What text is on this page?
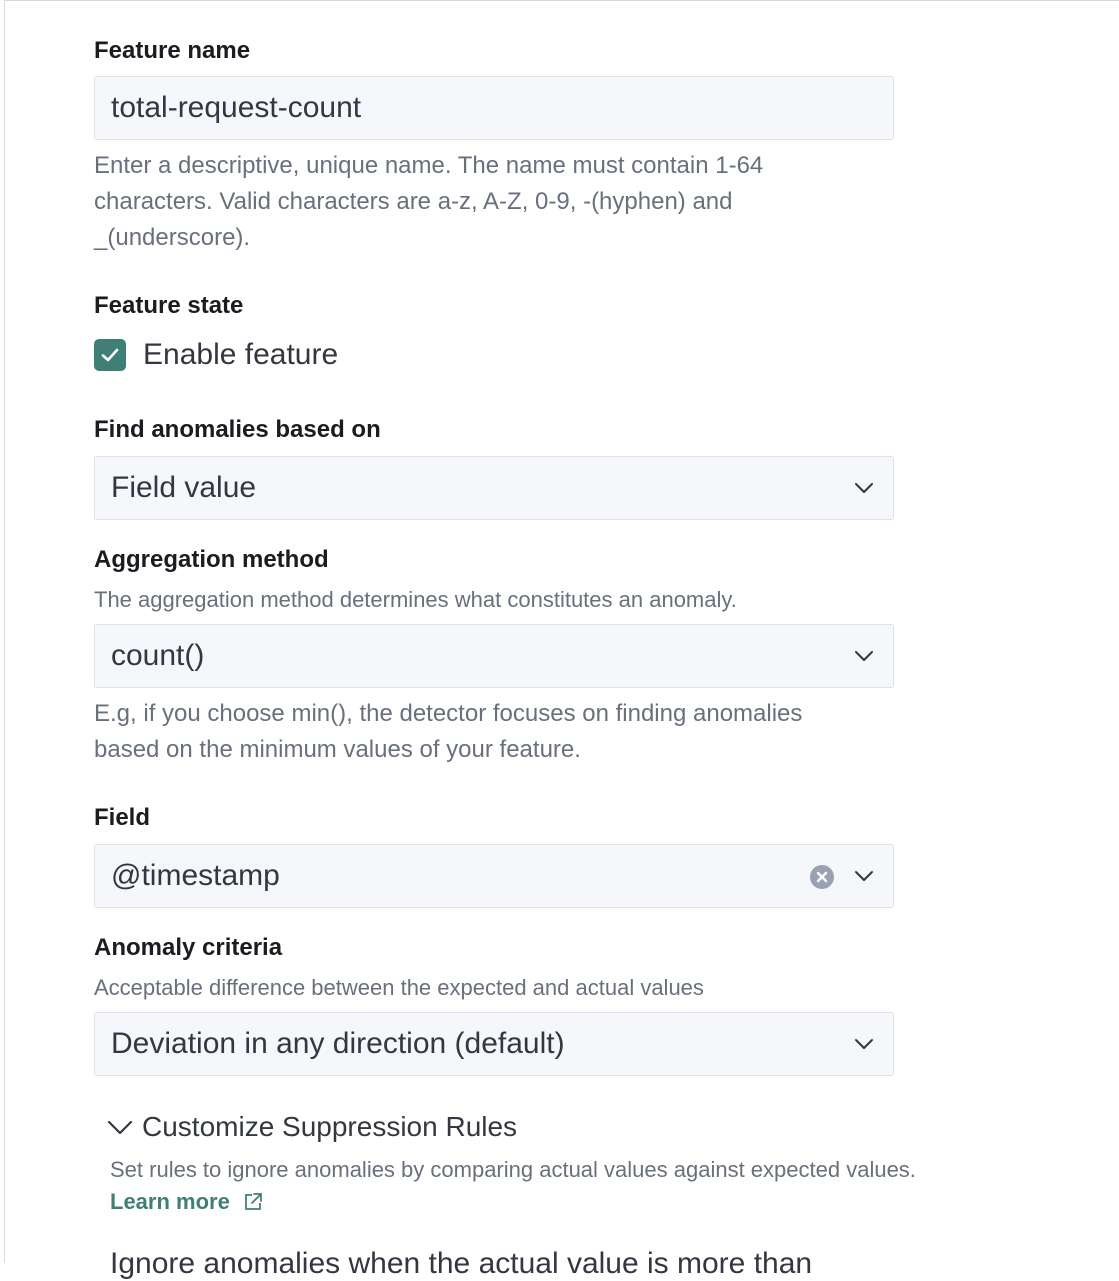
Feature name
total-request-count
Enter a descriptive, unique name. The name must contain 1-64 characters. Valid characters are a-z, A-Z, 0-9, -(hyphen) and _(underscore).
Feature state
Enable feature
Find anomalies based on
Field value
Aggregation method
The aggregation method determines what constitutes an anomaly.
count()
E.g, if you choose min(), the detector focuses on finding anomalies based on the minimum values of your feature.
Field
@timestamp
Anomaly criteria
Acceptable difference between the expected and actual values
Deviation in any direction (default)
Customize Suppression Rules
Set rules to ignore anomalies by comparing actual values against expected values. Learn more
Ignore anomalies when the actual value is more than
